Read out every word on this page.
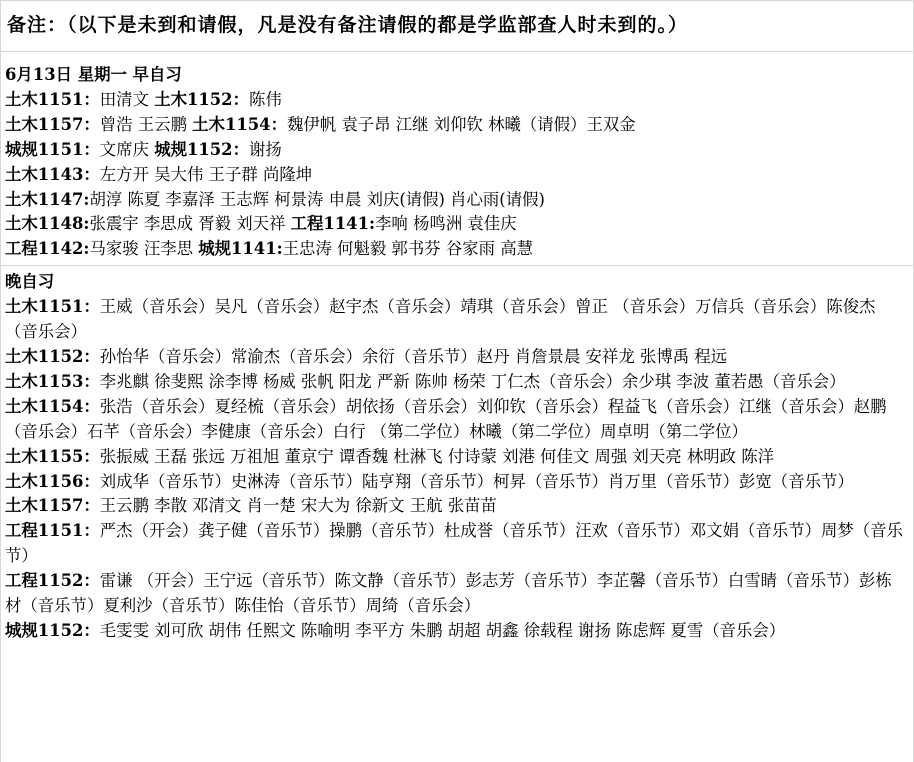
备注：（以下是未到和请假，凡是没有备注请假的都是学监部查人时未到的。）
6月13日 星期一 早自习
土木1151：田清文 土木1152：陈伟
土木1157：曾浩 王云鹏 土木1154：魏伊帆 袁子昂 江继 刘仰钦 林曦（请假）王双金
城规1151：文席庆 城规1152：谢扬
土木1143：左方开 吴大伟 王子群 尚隆坤
土木1147:胡淳 陈夏 李嘉泽 王志辉 柯景涛 申晨 刘庆(请假) 肖心雨(请假)
土木1148:张震宇 李思成 胥毅 刘天祥 工程1141:李响 杨鸣洲 袁佳庆
工程1142:马家骏 汪李思 城规1141:王忠涛 何魁毅 郭书芬 谷家雨 高慧
晚自习
土木1151：王威（音乐会）吴凡（音乐会）赵宇杰（音乐会）靖琪（音乐会）曾正 （音乐会）万信兵（音乐会）陈俊杰（音乐会）
土木1152：孙怡华（音乐会）常渝杰（音乐会）余衍（音乐节）赵丹 肖詹景晨 安祥龙 张博禹 程远
土木1153：李兆麒 徐斐熙 涂李博 杨威 张帆 阳龙 严新 陈帅 杨荣 丁仁杰（音乐会）余少琪 李波 董若愚（音乐会）
土木1154：张浩（音乐会）夏经梳（音乐会）胡依扬（音乐会）刘仰钦（音乐会）程益飞（音乐会）江继（音乐会）赵鹏（音乐会）石芊（音乐会）李健康（音乐会）白行 （第二学位）林曦（第二学位）周卓明（第二学位）
土木1155：张振威 王磊 张远 万祖旭 董京宁 谭香魏 杜淋飞 付诗蒙 刘港 何佳文 周强 刘天亮 林明政 陈洋
土木1156：刘成华（音乐节）史淋涛（音乐节）陆亨翔（音乐节）柯昇（音乐节）肖万里（音乐节）彭宽（音乐节）
土木1157：王云鹏 李散 邓清文 肖一楚 宋大为 徐新文 王航 张苗苗
工程1151：严杰（开会）龚子健（音乐节）操鹏（音乐节）杜成誉（音乐节）汪欢（音乐节）邓文娟（音乐节）周梦（音乐节）
工程1152：雷谦 （开会）王宁远（音乐节）陈文静（音乐节）彭志芳（音乐节）李芷馨（音乐节）白雪睛（音乐节）彭栋材（音乐节）夏利沙（音乐节）陈佳怡（音乐节）周绮（音乐会）
城规1152：毛雯雯 刘可欣 胡伟 任熙文 陈喻明 李平方 朱鹏 胡超 胡鑫 徐载程 谢扬 陈虑辉 夏雪（音乐会）
